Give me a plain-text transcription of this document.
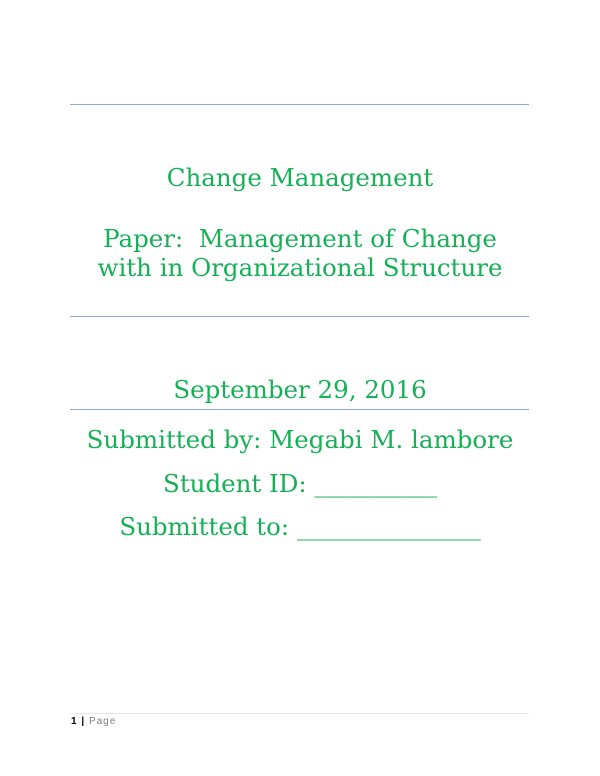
Change Management
Paper:  Management of Change
with in Organizational Structure
September 29, 2016
Submitted by: Megabi M. lambore
Student ID: __________
Submitted to: _______________
1 | Page
